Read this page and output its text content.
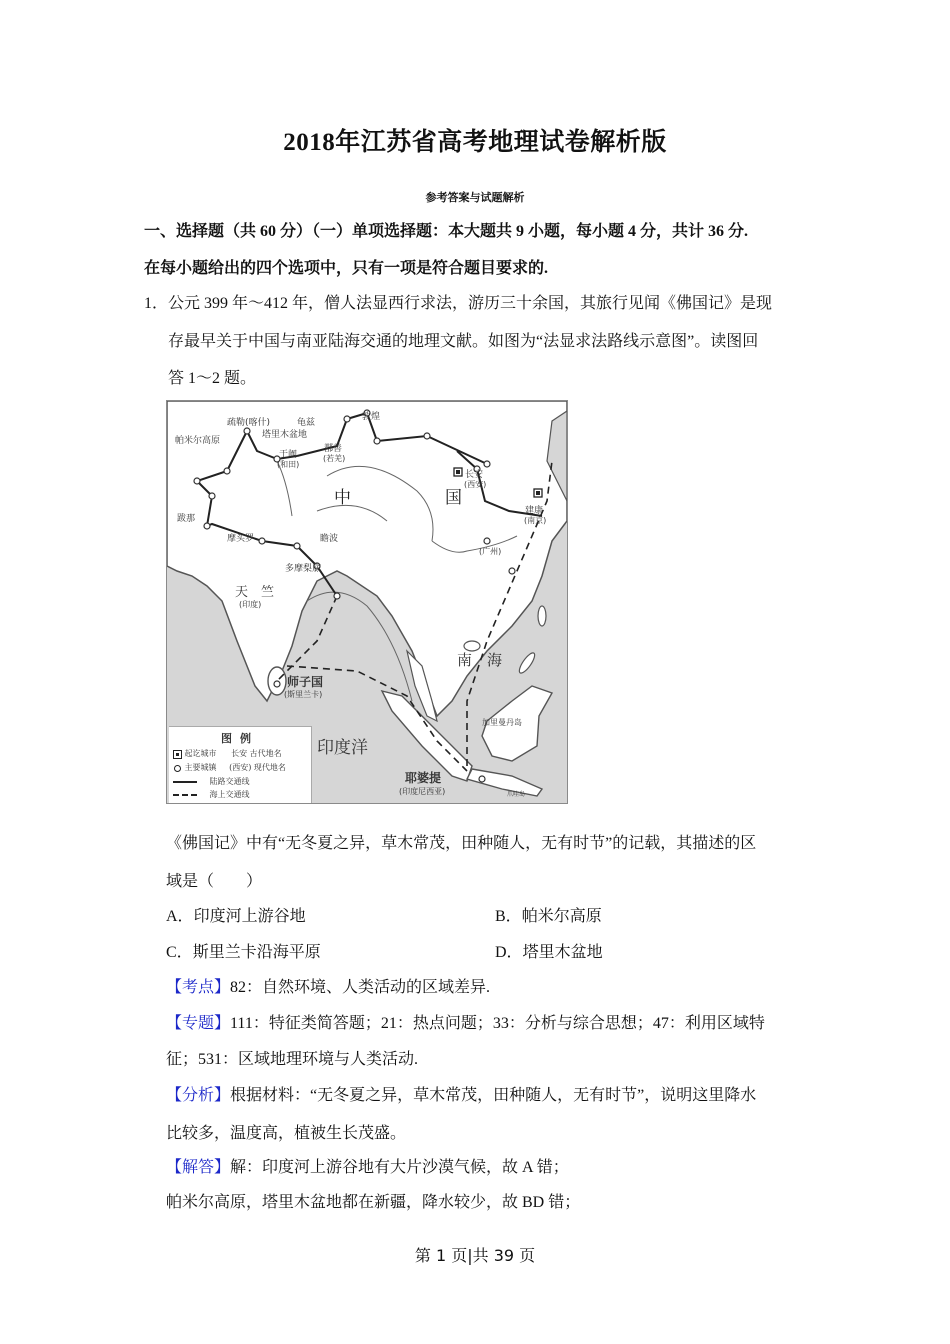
2018年江苏省高考地理试卷解析版
参考答案与试题解析
一、选择题（共 60 分）（一）单项选择题：本大题共 9 小题，每小题 4 分，共计 36 分.
在每小题给出的四个选项中，只有一项是符合题目要求的.
1． 公元 399 年～412 年，僧人法显西行求法，游历三十余国，其旅行见闻《佛国记》是现
存最早关于中国与南亚陆海交通的地理文献。如图为“法显求法路线示意图”。读图回
答 1～2 题。
疏勒(喀什)
帕米尔高原
龟兹
塔里木盆地
于阗
(和田)
鄯善
(若羌)
敦煌
长安
(西安)
建康
(南京)
(广州)
中	国
跋那
摩头罗	瞻波
多摩梨底
天　竺
(印度)
师子国
(斯里兰卡)
印度洋
南　海
耶婆提
(印度尼西亚)
加里曼丹岛
爪哇岛
图例
起讫城市 长安 古代地名
主要城镇 (西安) 现代地名
陆路交通线
海上交通线
《佛国记》中有“无冬夏之异，草木常茂，田种随人，无有时节”的记载，其描述的区
域是（　　）
A．印度河上游谷地	B．帕米尔高原
C．斯里兰卡沿海平原	D．塔里木盆地
【考点】82：自然环境、人类活动的区域差异.
【专题】111：特征类简答题；21：热点问题；33：分析与综合思想；47：利用区域特
征；531：区域地理环境与人类活动.
【分析】根据材料：“无冬夏之异，草木常茂，田种随人，无有时节”，说明这里降水
比较多，温度高，植被生长茂盛。
【解答】解：印度河上游谷地有大片沙漠气候，故 A 错；
帕米尔高原，塔里木盆地都在新疆，降水较少，故 BD 错；
第 1 页|共 39 页
